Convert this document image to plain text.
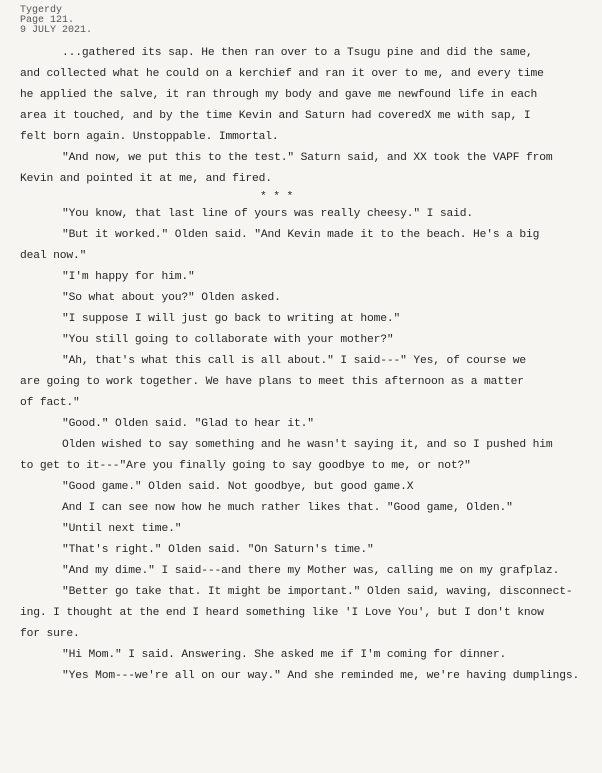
Tygerdy
Page 121.
9 JULY 2021.
...gathered its sap. He then ran over to a Tsugu pine and did the same,
and collected what he could on a kerchief and ran it over to me, and every time
he applied the salve, it ran through my body and gave me newfound life in each
area it touched, and by the time Kevin and Saturn had coveredX me with sap, I
felt born again. Unstoppable. Immortal.
"And now, we put this to the test." Saturn said, and XX took the VAPF from
Kevin and pointed it at me, and fired.
* * *
"You know, that last line of yours was really cheesy." I said.
"But it worked." Olden said. "And Kevin made it to the beach. He's a big
deal now."
"I'm happy for him."
"So what about you?" Olden asked.
"I suppose I will just go back to writing at home."
"You still going to collaborate with your mother?"
"Ah, that's what this call is all about." I said---" Yes, of course we
are going to work together. We have plans to meet this afternoon as a matter
of fact."
"Good." Olden said. "Glad to hear it."
Olden wished to say something and he wasn't saying it, and so I pushed him
to get to it---"Are you finally going to say goodbye to me, or not?"
"Good game." Olden said. Not goodbye, but good game.X
And I can see now how he much rather likes that. "Good game, Olden."
"Until next time."
"That's right." Olden said. "On Saturn's time."
"And my dime." I said---and there my Mother was, calling me on my grafplaz.
"Better go take that. It might be important." Olden said, waving, disconnect-
ing. I thought at the end I heard something like 'I Love You', but I don't know
for sure.
"Hi Mom." I said. Answering. She asked me if I'm coming for dinner.
"Yes Mom---we're all on our way." And she reminded me, we're having dumplings.
